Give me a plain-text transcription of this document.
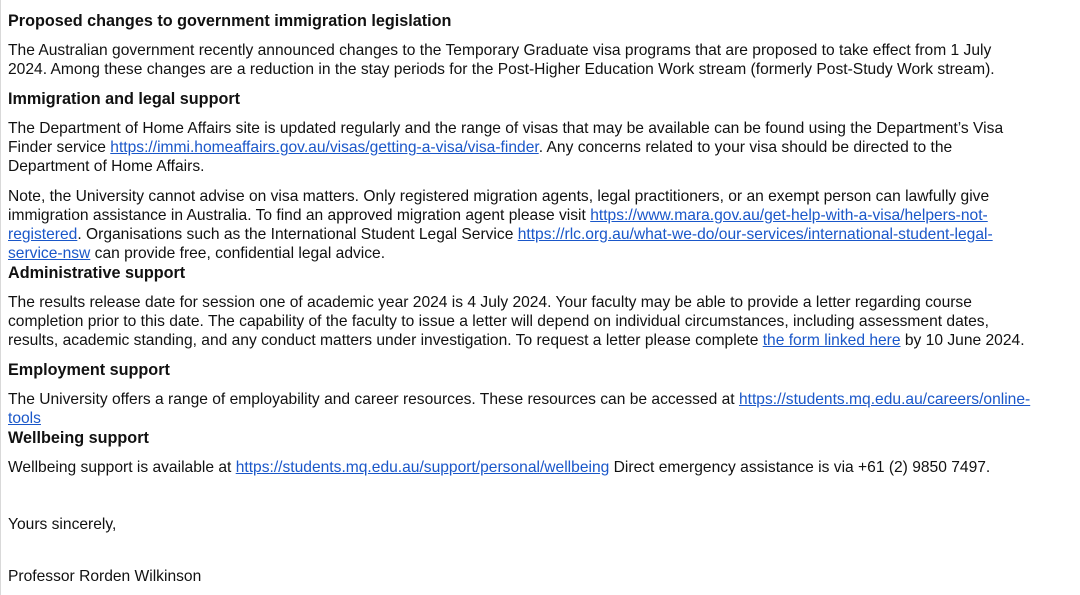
Proposed changes to government immigration legislation
The Australian government recently announced changes to the Temporary Graduate visa programs that are proposed to take effect from 1 July
2024. Among these changes are a reduction in the stay periods for the Post-Higher Education Work stream (formerly Post-Study Work stream).
Immigration and legal support
The Department of Home Affairs site is updated regularly and the range of visas that may be available can be found using the Department’s Visa
Finder service https://immi.homeaffairs.gov.au/visas/getting-a-visa/visa-finder. Any concerns related to your visa should be directed to the
Department of Home Affairs.
Note, the University cannot advise on visa matters. Only registered migration agents, legal practitioners, or an exempt person can lawfully give
immigration assistance in Australia. To find an approved migration agent please visit https://www.mara.gov.au/get-help-with-a-visa/helpers-not-
registered. Organisations such as the International Student Legal Service https://rlc.org.au/what-we-do/our-services/international-student-legal-
service-nsw can provide free, confidential legal advice.
Administrative support
The results release date for session one of academic year 2024 is 4 July 2024. Your faculty may be able to provide a letter regarding course
completion prior to this date. The capability of the faculty to issue a letter will depend on individual circumstances, including assessment dates,
results, academic standing, and any conduct matters under investigation. To request a letter please complete the form linked here by 10 June 2024.
Employment support
The University offers a range of employability and career resources. These resources can be accessed at https://students.mq.edu.au/careers/online-
tools
Wellbeing support
Wellbeing support is available at https://students.mq.edu.au/support/personal/wellbeing Direct emergency assistance is via +61 (2) 9850 7497.
Yours sincerely,
Professor Rorden Wilkinson
